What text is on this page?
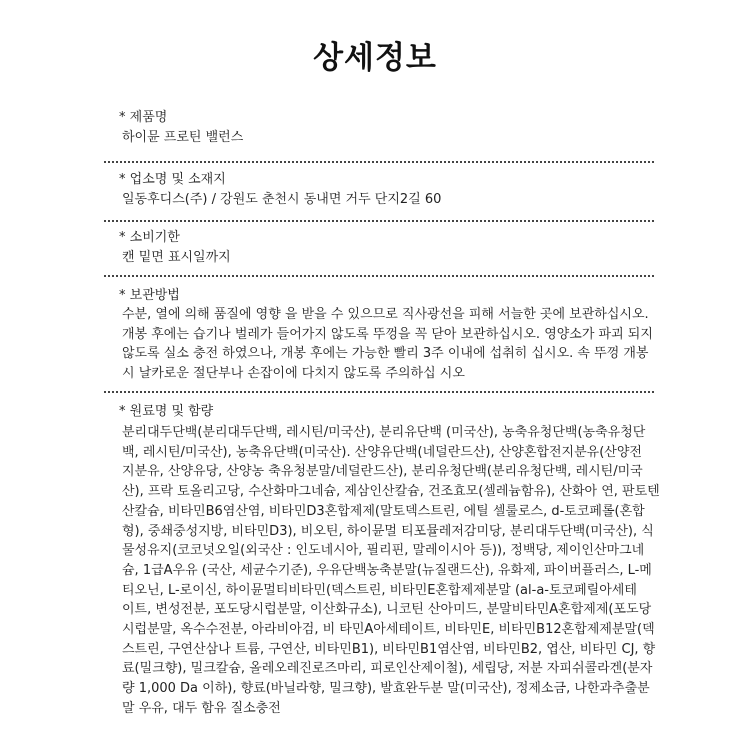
상세정보
* 제품명
하이뮨 프로틴 밸런스
* 업소명 및 소재지
일동후디스(주) / 강원도 춘천시 동내면 거두 단지2길 60
* 소비기한
캔 밑면 표시일까지
* 보관방법
수분, 열에 의해 품질에 영향 을 받을 수 있으므로 직사광선을 피해 서늘한 곳에 보관하십시오.
개봉 후에는 습기나 벌레가 들어가지 않도록 뚜껑을 꼭 닫아 보관하십시오. 영양소가 파괴 되지
않도록 실소 충전 하였으나, 개봉 후에는 가능한 빨리 3주 이내에 섭취히 십시오. 속 뚜껑 개봉
시 날카로운 절단부나 손잡이에 다치지 않도록 주의하십 시오
* 원료명 및 함량
분리대두단백(분리대두단백, 레시틴/미국산), 분리유단백 (미국산), 농축유청단백(농축유청단
백, 레시틴/미국산), 농축유단백(미국산). 산양유단백(네덜란드산), 산양혼합전지분유(산양전
지분유, 산양유당, 산양농 축유청분말/네덜란드산), 분리유청단백(분리유청단백, 레시틴/미국
산), 프락 토올리고당, 수산화마그네슘, 제삼인산칼슘, 건조효모(셀레늄함유), 산화아 연, 판토텐
산칼슘, 비타민B6염산염, 비타민D3혼합제제(말토덱스트린, 에틸 셀룰로스, d-토코페롤(혼합
형), 중쇄중성지방, 비타민D3), 비오틴, 하이뮨멀 티포뮬레저감미당, 분리대두단백(미국산), 식
물성유지(코코넛오일(외국산 : 인도네시아, 필리핀, 말레이시아 등)), 정백당, 제이인산마그네
슘, 1급A우유 (국산, 세균수기준), 우유단백농축분말(뉴질랜드산), 유화제, 파이버플러스, L-메
티오닌, L-로이신, 하이뮨멀티비타민(덱스트린, 비타민E혼합제제분말 (al-a-토코페릴아세테
이트, 변성전분, 포도당시럽분말, 이산화규소), 니코틴 산아미드, 분말비타민A혼합제제(포도당
시럽분말, 옥수수전분, 아라비아검, 비 타민A아세테이트, 비타민E, 비타민B12혼합제제분말(덱
스트린, 구연산삼나 트륨, 구연산, 비타민B1), 비타민B1염산염, 비타민B2, 엽산, 비타민 CJ, 향
료(밀크향), 밀크칼슘, 올레오레진로즈마리, 피로인산제이철), 세립당, 저분 자피쉬콜라겐(분자
량 1,000 Da 이하), 향료(바닐라향, 밀크향), 발효완두분 말(미국산), 정제소금, 나한과추출분
말 우유, 대두 함유 질소충전
